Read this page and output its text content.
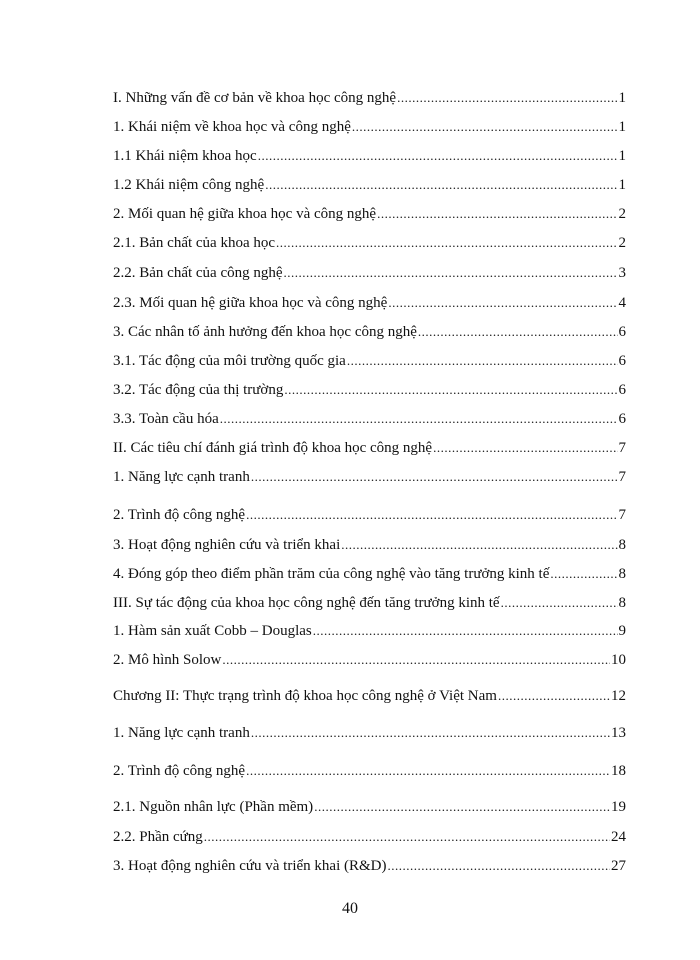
I. Những vấn đề cơ bản về khoa học công nghệ .....	1
1. Khái niệm về khoa học và công nghệ .....	1
1.1 Khái niệm khoa học .....	1
1.2 Khái niệm công nghệ .....	1
2. Mối quan hệ giữa khoa học và công nghệ .....	2
2.1. Bản chất của khoa học .....	2
2.2. Bản chất của công nghệ .....	3
2.3. Mối quan hệ giữa khoa học và công nghệ .....	4
3. Các nhân tố ảnh hưởng đến khoa học công nghệ .....	6
3.1. Tác động của môi trường quốc gia .....	6
3.2. Tác động của thị trường .....	6
3.3. Toàn cầu hóa .....	6
II. Các tiêu chí đánh giá trình độ khoa học công nghệ .....	7
1. Năng lực cạnh tranh .....	7
2. Trình độ công nghệ .....	7
3. Hoạt động nghiên cứu và triển khai .....	8
4. Đóng góp theo điểm phần trăm của công nghệ vào tăng trưởng kinh tế .....	8
III. Sự tác động của khoa học công nghệ đến tăng trưởng kinh tế .....	8
1. Hàm sản xuất Cobb – Douglas .....	9
2. Mô hình Solow .....	10
Chương II: Thực trạng trình độ khoa học công nghệ ở Việt Nam .....	12
1. Năng lực cạnh tranh .....	13
2. Trình độ công nghệ .....	18
2.1. Nguồn nhân lực (Phần mềm) .....	19
2.2. Phần cứng .....	24
3. Hoạt động nghiên cứu và triển khai (R&D) .....	27
40
